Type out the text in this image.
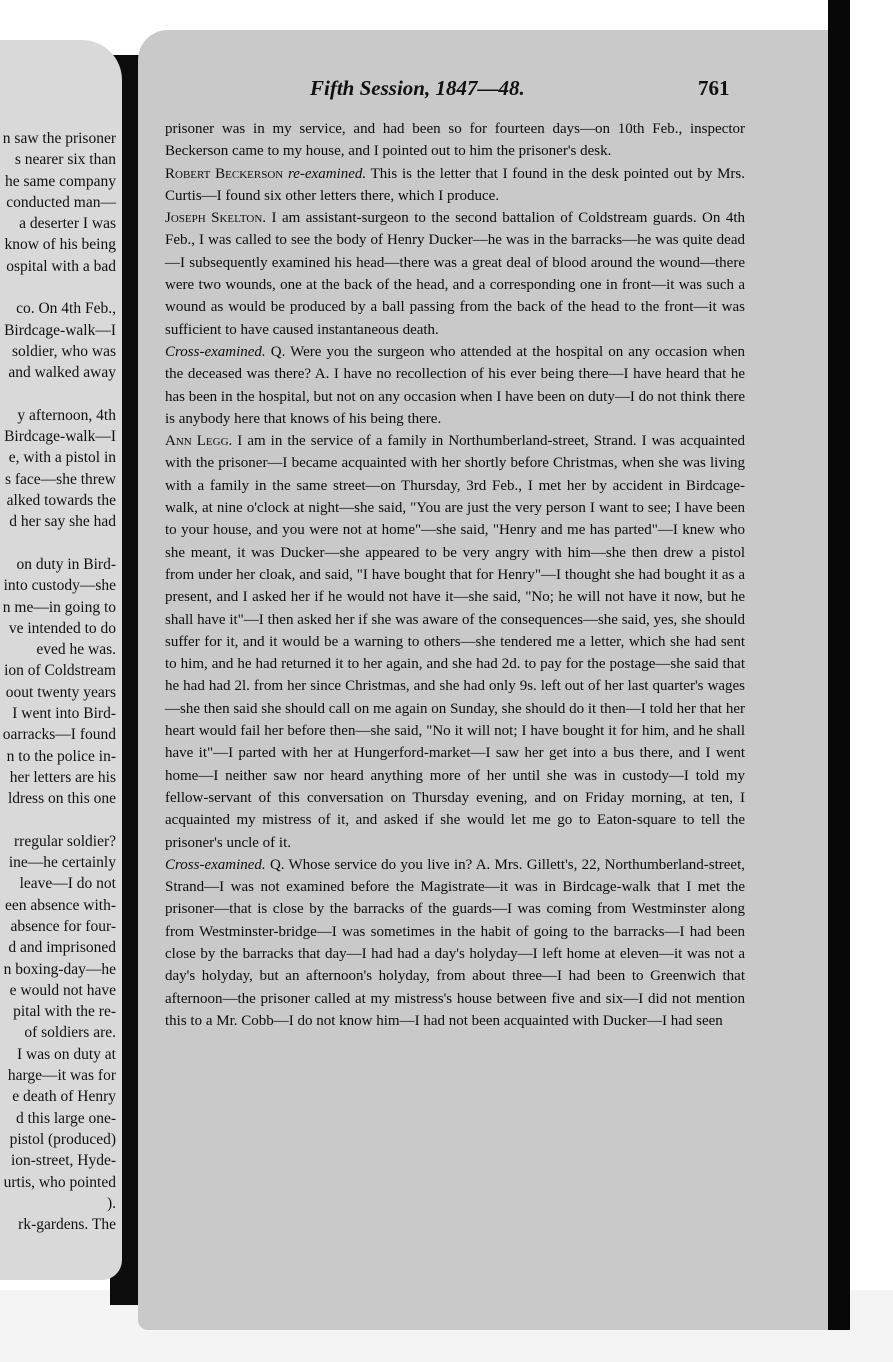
n saw the prisoner
s nearer six than
he same company
conducted man—
a deserter I was
know of his being
ospital with a bad

co. On 4th Feb.,
Birdcage-walk—I
soldier, who was
and walked away

y afternoon, 4th
Birdcage-walk—I
e, with a pistol in
s face—she threw
alked towards the
d her say she had

on duty in Bird-
into custody—she
n me—in going to
ve intended to do
eved he was.
ion of Coldstream
oout twenty years
I went into Bird-
oarracks—I found
n to the police in-
her letters are his
ldress on this one

rregular soldier?
ine—he certainly
leave—I do not
een absence with-
absence for four-
d and imprisoned
n boxing-day—he
e would not have
pital with the re-
of soldiers are.
I was on duty at
harge—it was for
e death of Henry
d this large one-
pistol (produced)
ion-street, Hyde-
urtis, who pointed
).
rk-gardens. The
Fifth Session, 1847—48.	761

prisoner was in my service, and had been so for fourteen days—on 10th Feb., inspector Beckerson came to my house, and I pointed out to him the prisoner's desk.

Robert Beckerson re-examined. This is the letter that I found in the desk pointed out by Mrs. Curtis—I found six other letters there, which I produce.

Joseph Skelton. I am assistant-surgeon to the second battalion of Coldstream guards. On 4th Feb., I was called to see the body of Henry Ducker—he was in the barracks—he was quite dead—I subsequently examined his head—there was a great deal of blood around the wound—there were two wounds, one at the back of the head, and a corresponding one in front—it was such a wound as would be produced by a ball passing from the back of the head to the front—it was sufficient to have caused instantaneous death.

Cross-examined. Q. Were you the surgeon who attended at the hospital on any occasion when the deceased was there? A. I have no recollection of his ever being there—I have heard that he has been in the hospital, but not on any occasion when I have been on duty—I do not think there is anybody here that knows of his being there.

Ann Legg. I am in the service of a family in Northumberland-street, Strand. I was acquainted with the prisoner—I became acquainted with her shortly before Christmas, when she was living with a family in the same street—on Thursday, 3rd Feb., I met her by accident in Birdcage-walk, at nine o'clock at night—she said, "You are just the very person I want to see; I have been to your house, and you were not at home"—she said, "Henry and me has parted"—I knew who she meant, it was Ducker—she appeared to be very angry with him—she then drew a pistol from under her cloak, and said, "I have bought that for Henry"—I thought she had bought it as a present, and I asked her if he would not have it—she said, "No; he will not have it now, but he shall have it"—I then asked her if she was aware of the consequences—she said, yes, she should suffer for it, and it would be a warning to others—she tendered me a letter, which she had sent to him, and he had returned it to her again, and she had 2d. to pay for the postage—she said that he had had 2l. from her since Christmas, and she had only 9s. left out of her last quarter's wages—she then said she should call on me again on Sunday, she should do it then—I told her that her heart would fail her before then—she said, "No it will not; I have bought it for him, and he shall have it"—I parted with her at Hungerford-market—I saw her get into a bus there, and I went home—I neither saw nor heard anything more of her until she was in custody—I told my fellow-servant of this conversation on Thursday evening, and on Friday morning, at ten, I acquainted my mistress of it, and asked if she would let me go to Eaton-square to tell the prisoner's uncle of it.

Cross-examined. Q. Whose service do you live in? A. Mrs. Gillett's, 22, Northumberland-street, Strand—I was not examined before the Magistrate—it was in Birdcage-walk that I met the prisoner—that is close by the barracks of the guards—I was coming from Westminster along from Westminster-bridge—I was sometimes in the habit of going to the barracks—I had been close by the barracks that day—I had had a day's holyday—I left home at eleven—it was not a day's holyday, but an afternoon's holyday, from about three—I had been to Greenwich that afternoon—the prisoner called at my mistress's house between five and six—I did not mention this to a Mr. Cobb—I do not know him—I had not been acquainted with Ducker—I had seen
